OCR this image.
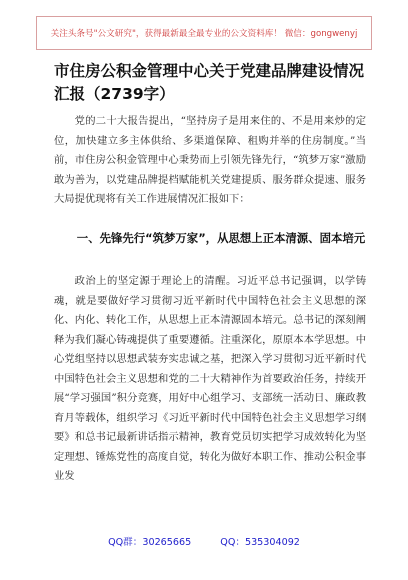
关注头条号"公文研究"，获得最新最全最专业的公文资料库！ 微信：gongwenyj
市住房公积金管理中心关于党建品牌建设情况汇报（2739字）

党的二十大报告提出，“坚持房子是用来住的、不是用来炒的定位，加快建立多主体供给、多渠道保障、租购并举的住房制度。”当前，市住房公积金管理中心秉势而上引领先锋先行，“筑梦万家”激励敢为善为，以党建品牌提档赋能机关党建提质、服务群众提速、服务大局提优现将有关工作进展情况汇报如下：

一、先锋先行“筑梦万家”，从思想上正本清源、固本培元

政治上的坚定源于理论上的清醒。习近平总书记强调，以学铸魂，就是要做好学习贯彻习近平新时代中国特色社会主义思想的深化、内化、转化工作，从思想上正本清源固本培元。总书记的深刻阐释为我们凝心铸魂提供了重要遵循。注重深化，原原本本学思想。中心党组坚持以思想武装夯实忠诚之基，把深入学习贯彻习近平新时代中国特色社会主义思想和党的二十大精神作为首要政治任务，持续开展“学习强国”积分竞赛，用好中心组学习、支部统一活动日、廉政教育月等载体，组织学习《习近平新时代中国特色社会主义思想学习纲要》和总书记最新讲话指示精神，教育党员切实把学习成效转化为坚定理想、锤炼党性的高度自觉，转化为做好本职工作、推动公积金事业发

QQ群：30265665	QQ：535304092
